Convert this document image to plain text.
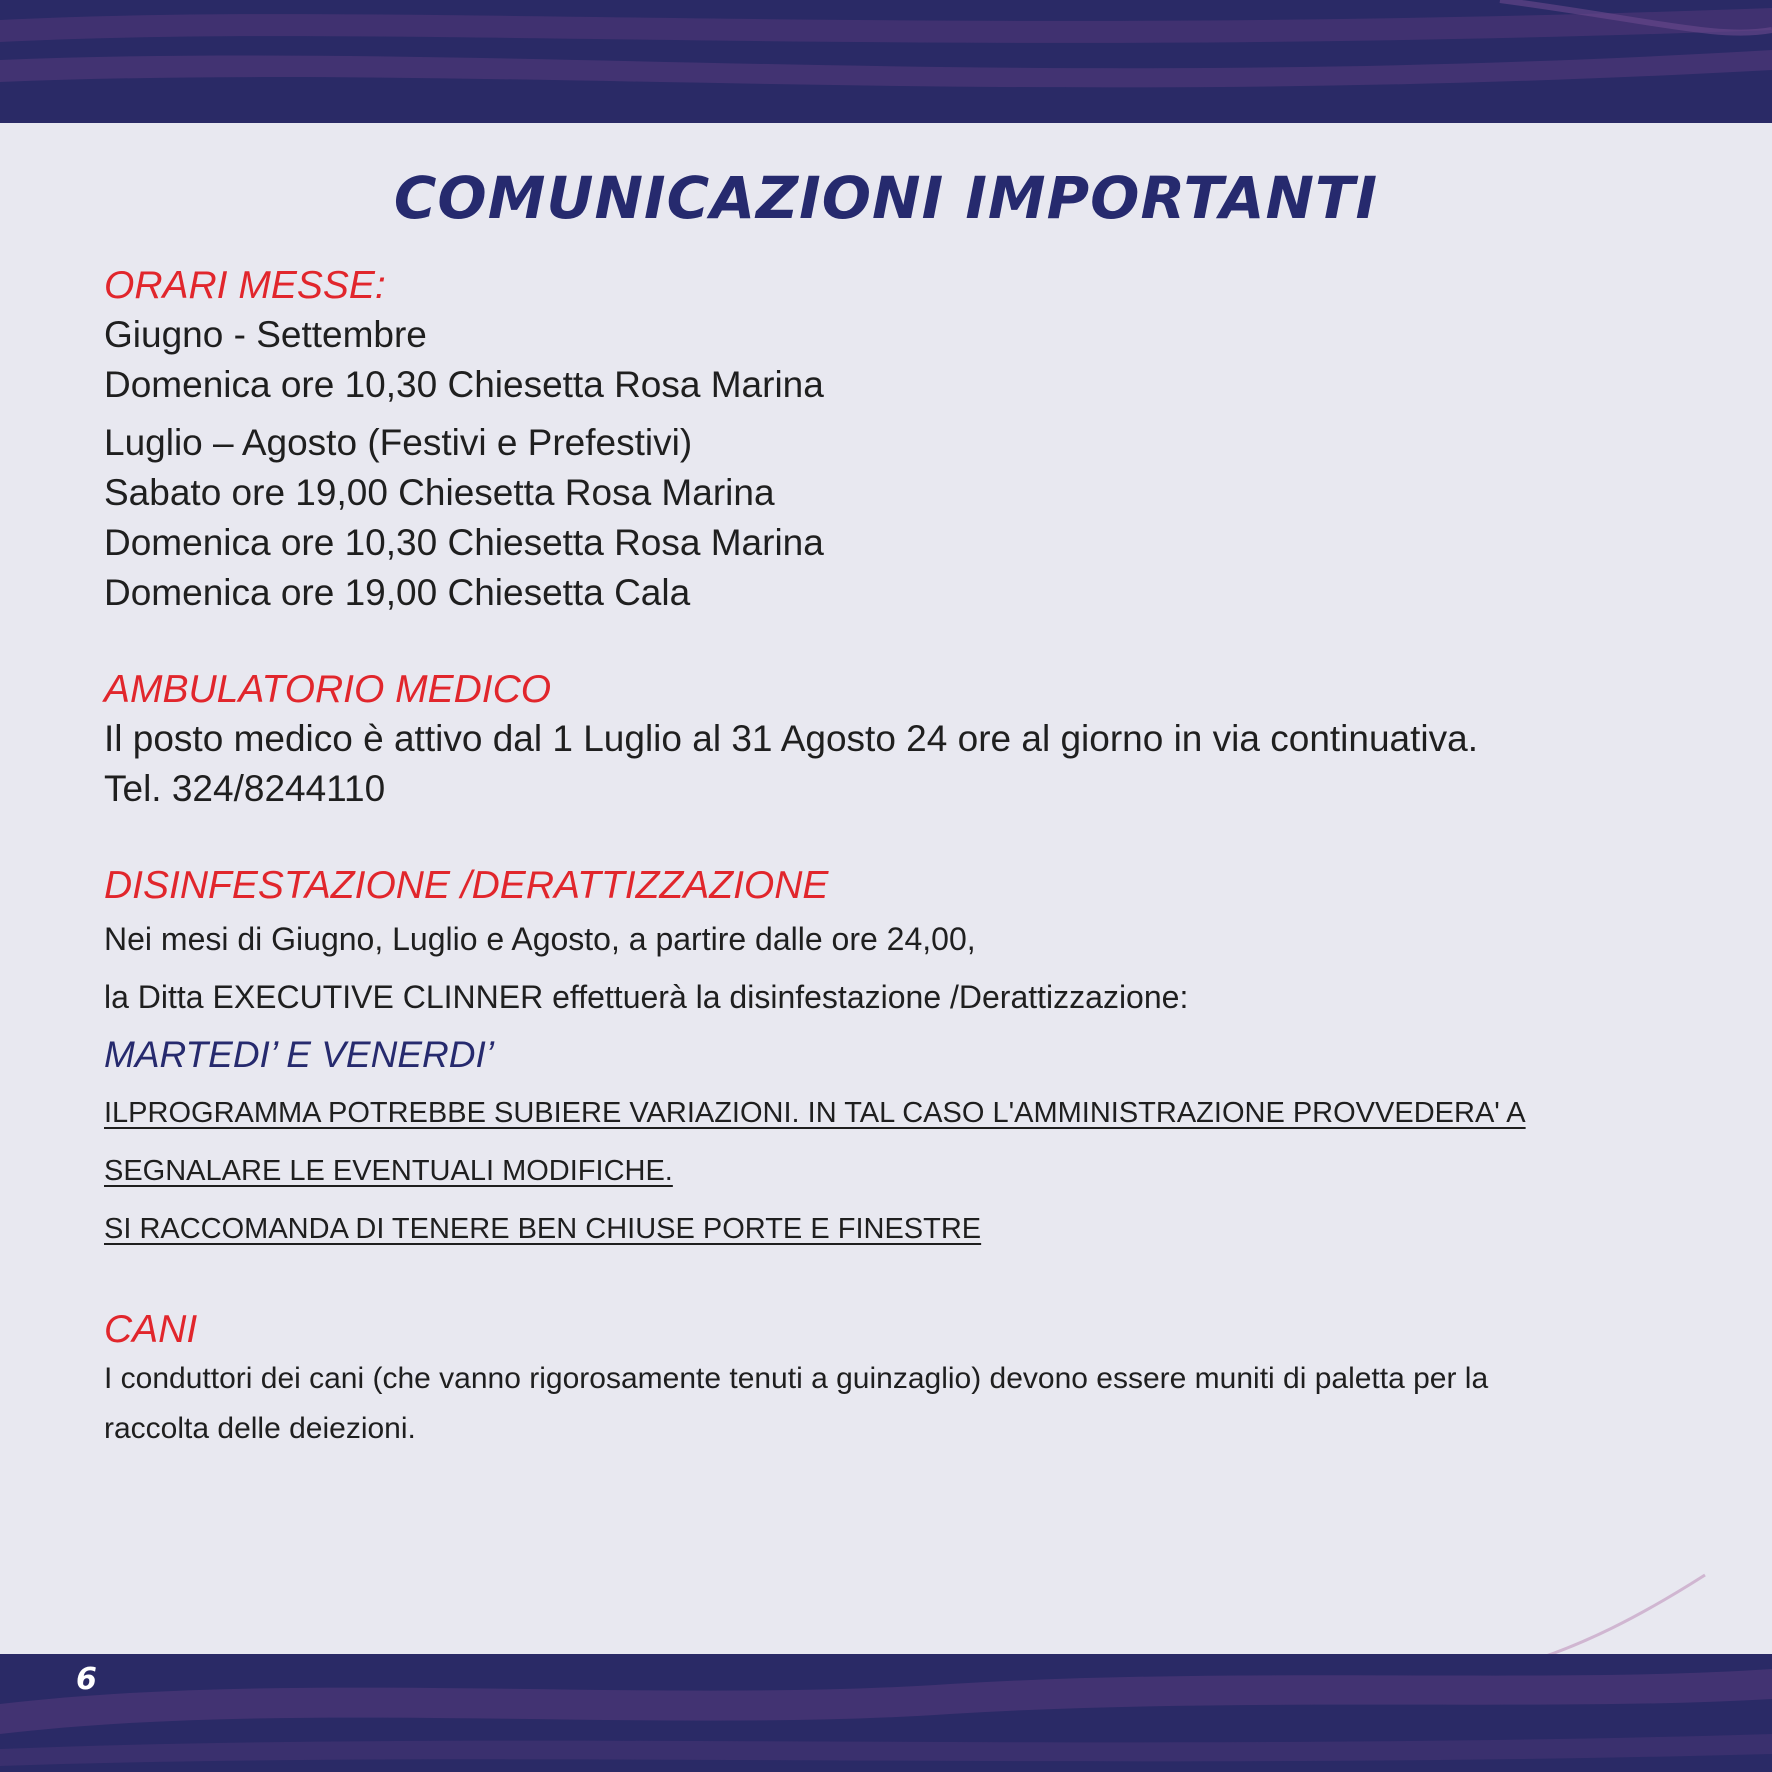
COMUNICAZIONI IMPORTANTI
ORARI MESSE:

Giugno - Settembre

Domenica ore 10,30 Chiesetta Rosa Marina

Luglio – Agosto (Festivi e Prefestivi)

Sabato ore 19,00 Chiesetta Rosa Marina

Domenica ore 10,30 Chiesetta Rosa Marina

Domenica ore 19,00 Chiesetta Cala

AMBULATORIO MEDICO

Il posto medico è attivo dal 1 Luglio al 31 Agosto 24 ore al giorno in via continuativa.

Tel. 324/8244110

DISINFESTAZIONE /DERATTIZZAZIONE

Nei mesi di Giugno, Luglio e Agosto, a partire dalle ore 24,00,

la Ditta EXECUTIVE CLINNER effettuerà la disinfestazione /Derattizzazione:

MARTEDI’ E VENERDI’

ILPROGRAMMA POTREBBE SUBIERE VARIAZIONI. IN TAL CASO L'AMMINISTRAZIONE PROVVEDERA' A

SEGNALARE LE EVENTUALI MODIFICHE.

SI RACCOMANDA DI TENERE BEN CHIUSE PORTE E FINESTRE

CANI

I conduttori dei cani (che vanno rigorosamente tenuti a guinzaglio) devono essere muniti di paletta per la

raccolta delle deiezioni.

6
